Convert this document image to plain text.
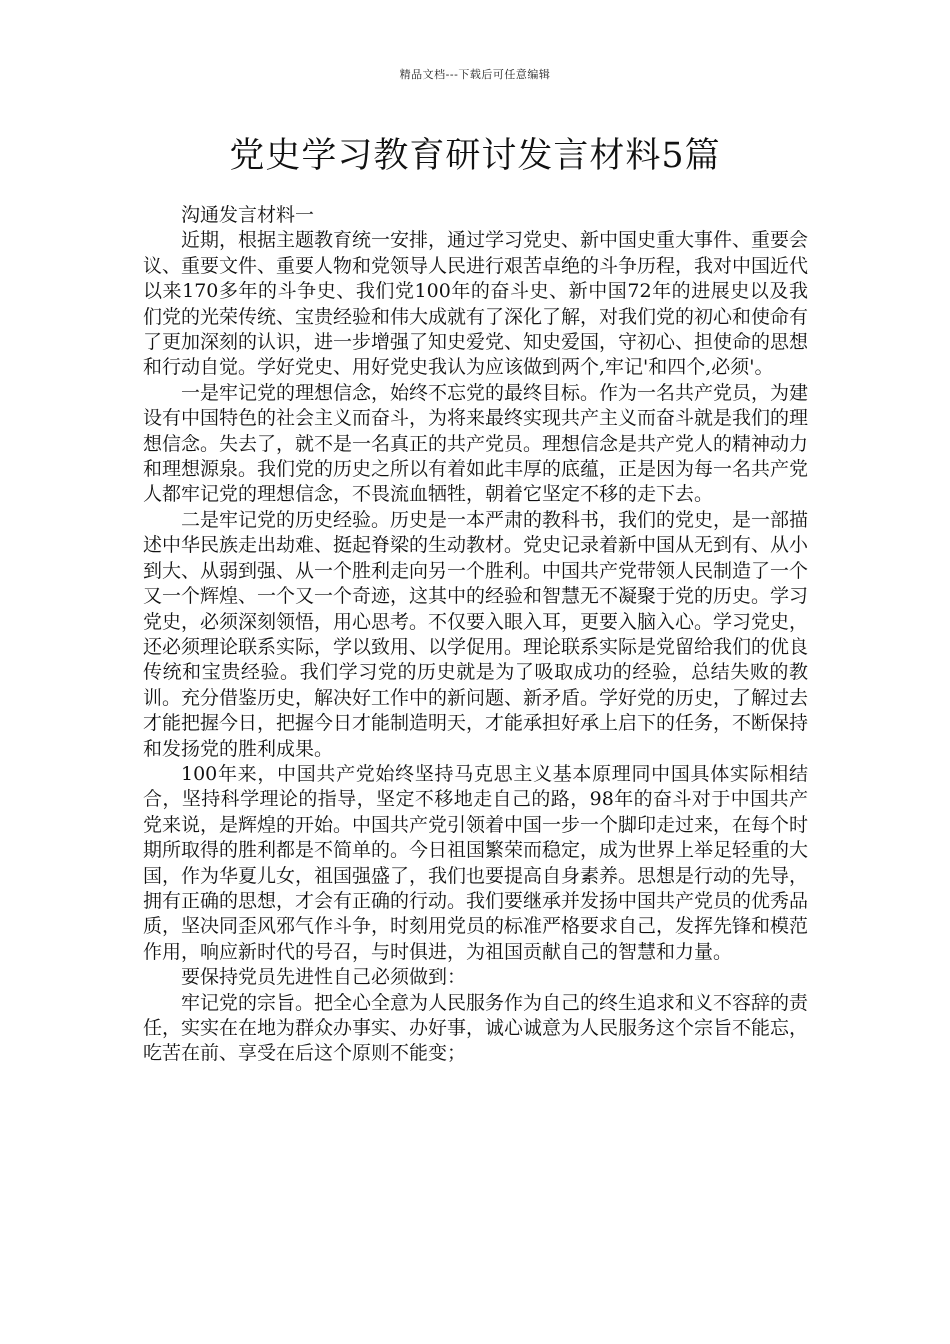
精品文档---下载后可任意编辑
党史学习教育研讨发言材料5篇

沟通发言材料一

近期，根据主题教育统一安排，通过学习党史、新中国史重大事件、重要会议、重要文件、重要人物和党领导人民进行艰苦卓绝的斗争历程，我对中国近代以来170多年的斗争史、我们党100年的奋斗史、新中国72年的进展史以及我们党的光荣传统、宝贵经验和伟大成就有了深化了解，对我们党的初心和使命有了更加深刻的认识，进一步增强了知史爱党、知史爱国，守初心、担使命的思想和行动自觉。学好党史、用好党史我认为应该做到两个,牢记'和四个,必须'。

一是牢记党的理想信念，始终不忘党的最终目标。作为一名共产党员，为建设有中国特色的社会主义而奋斗，为将来最终实现共产主义而奋斗就是我们的理想信念。失去了，就不是一名真正的共产党员。理想信念是共产党人的精神动力和理想源泉。我们党的历史之所以有着如此丰厚的底蕴，正是因为每一名共产党人都牢记党的理想信念，不畏流血牺牲，朝着它坚定不移的走下去。

二是牢记党的历史经验。历史是一本严肃的教科书，我们的党史，是一部描述中华民族走出劫难、挺起脊梁的生动教材。党史记录着新中国从无到有、从小到大、从弱到强、从一个胜利走向另一个胜利。中国共产党带领人民制造了一个又一个辉煌、一个又一个奇迹，这其中的经验和智慧无不凝聚于党的历史。学习党史，必须深刻领悟，用心思考。不仅要入眼入耳，更要入脑入心。学习党史，还必须理论联系实际，学以致用、以学促用。理论联系实际是党留给我们的优良传统和宝贵经验。我们学习党的历史就是为了吸取成功的经验，总结失败的教训。充分借鉴历史，解决好工作中的新问题、新矛盾。学好党的历史，了解过去才能把握今日，把握今日才能制造明天，才能承担好承上启下的任务，不断保持和发扬党的胜利成果。

100年来，中国共产党始终坚持马克思主义基本原理同中国具体实际相结合，坚持科学理论的指导，坚定不移地走自己的路，98年的奋斗对于中国共产党来说，是辉煌的开始。中国共产党引领着中国一步一个脚印走过来，在每个时期所取得的胜利都是不简单的。今日祖国繁荣而稳定，成为世界上举足轻重的大国，作为华夏儿女，祖国强盛了，我们也要提高自身素养。思想是行动的先导，拥有正确的思想，才会有正确的行动。我们要继承并发扬中国共产党员的优秀品质，坚决同歪风邪气作斗争，时刻用党员的标准严格要求自己，发挥先锋和模范作用，响应新时代的号召，与时俱进，为祖国贡献自己的智慧和力量。

要保持党员先进性自己必须做到：

牢记党的宗旨。把全心全意为人民服务作为自己的终生追求和义不容辞的责任，实实在在地为群众办事实、办好事，诚心诚意为人民服务这个宗旨不能忘，吃苦在前、享受在后这个原则不能变；
